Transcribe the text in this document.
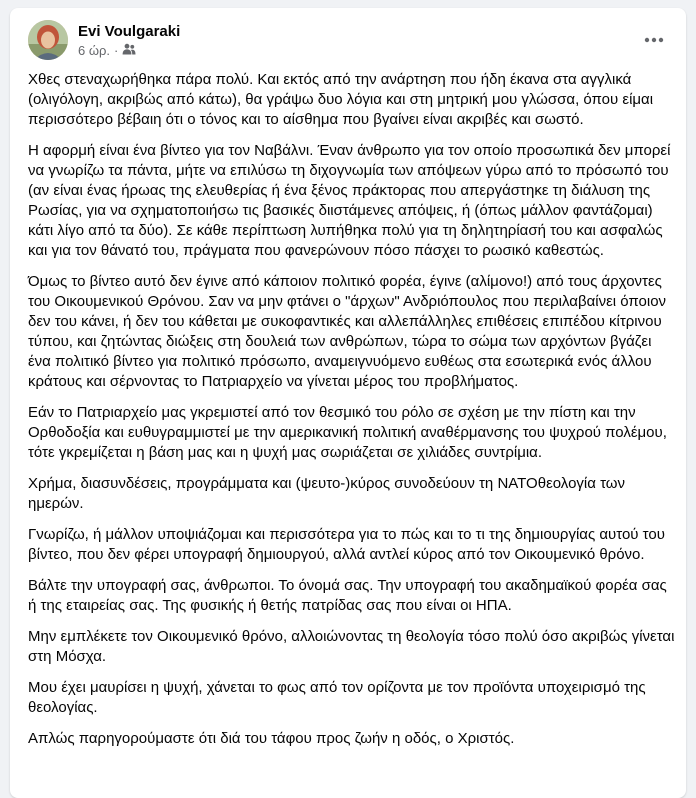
Evi Voulgaraki
6 ώρ. ·

Χθες στεναχωρήθηκα πάρα πολύ. Και εκτός από την ανάρτηση που ήδη έκανα στα αγγλικά (ολιγόλογη, ακριβώς από κάτω), θα γράψω δυο λόγια και στη μητρική μου γλώσσα, όπου είμαι περισσότερο βέβαιη ότι ο τόνος και το αίσθημα που βγαίνει είναι ακριβές και σωστό.

Η αφορμή είναι ένα βίντεο για τον Ναβάλνι. Έναν άνθρωπο για τον οποίο προσωπικά δεν μπορεί να γνωρίζω τα πάντα, μήτε να επιλύσω τη διχογνωμία των απόψεων γύρω από το πρόσωπό του (αν είναι ένας ήρωας της ελευθερίας ή ένα ξένος πράκτορας που απεργάστηκε τη διάλυση της Ρωσίας, για να σχηματοποιήσω τις βασικές διιστάμενες απόψεις, ή (όπως μάλλον φαντάζομαι) κάτι λίγο από τα δύο). Σε κάθε περίπτωση λυπήθηκα πολύ για τη δηλητηρίασή του και ασφαλώς και για τον θάνατό του, πράγματα που φανερώνουν πόσο πάσχει το ρωσικό καθεστώς.

Όμως το βίντεο αυτό δεν έγινε από κάποιον πολιτικό φορέα, έγινε (αλίμονο!) από τους άρχοντες του Οικουμενικού Θρόνου. Σαν να μην φτάνει ο "άρχων" Ανδριόπουλος που περιλαβαίνει όποιον δεν του κάνει, ή δεν του κάθεται με συκοφαντικές και αλλεπάλληλες επιθέσεις επιπέδου κίτρινου τύπου, και ζητώντας διώξεις στη δουλειά των ανθρώπων, τώρα το σώμα των αρχόντων βγάζει ένα πολιτικό βίντεο για πολιτικό πρόσωπο, αναμειγνυόμενο ευθέως στα εσωτερικά ενός άλλου κράτους και σέρνοντας το Πατριαρχείο να γίνεται μέρος του προβλήματος.

Εάν το Πατριαρχείο μας γκρεμιστεί από τον θεσμικό του ρόλο σε σχέση με την πίστη και την Ορθοδοξία και ευθυγραμμιστεί με την αμερικανική πολιτική αναθέρμανσης του ψυχρού πολέμου, τότε γκρεμίζεται η βάση μας και η ψυχή μας σωριάζεται σε χιλιάδες συντρίμια.

Χρήμα, διασυνδέσεις, προγράμματα και (ψευτο-)κύρος συνοδεύουν τη ΝΑΤΟθεολογία των ημερών.

Γνωρίζω, ή μάλλον υποψιάζομαι και περισσότερα για το πώς και το τι της δημιουργίας αυτού του βίντεο, που δεν φέρει υπογραφή δημιουργού, αλλά αντλεί κύρος από τον Οικουμενικό θρόνο.

Βάλτε την υπογραφή σας, άνθρωποι. Το όνομά σας. Την υπογραφή του ακαδημαϊκού φορέα σας ή της εταιρείας σας. Της φυσικής ή θετής πατρίδας σας που είναι οι ΗΠΑ.

Μην εμπλέκετε τον Οικουμενικό θρόνο, αλλοιώνοντας τη θεολογία τόσο πολύ όσο ακριβώς γίνεται στη Μόσχα.

Μου έχει μαυρίσει η ψυχή, χάνεται το φως από τον ορίζοντα με τον προϊόντα υποχειρισμό της θεολογίας.

Απλώς παρηγορούμαστε ότι διά του τάφου προς ζωήν η οδός, ο Χριστός.
